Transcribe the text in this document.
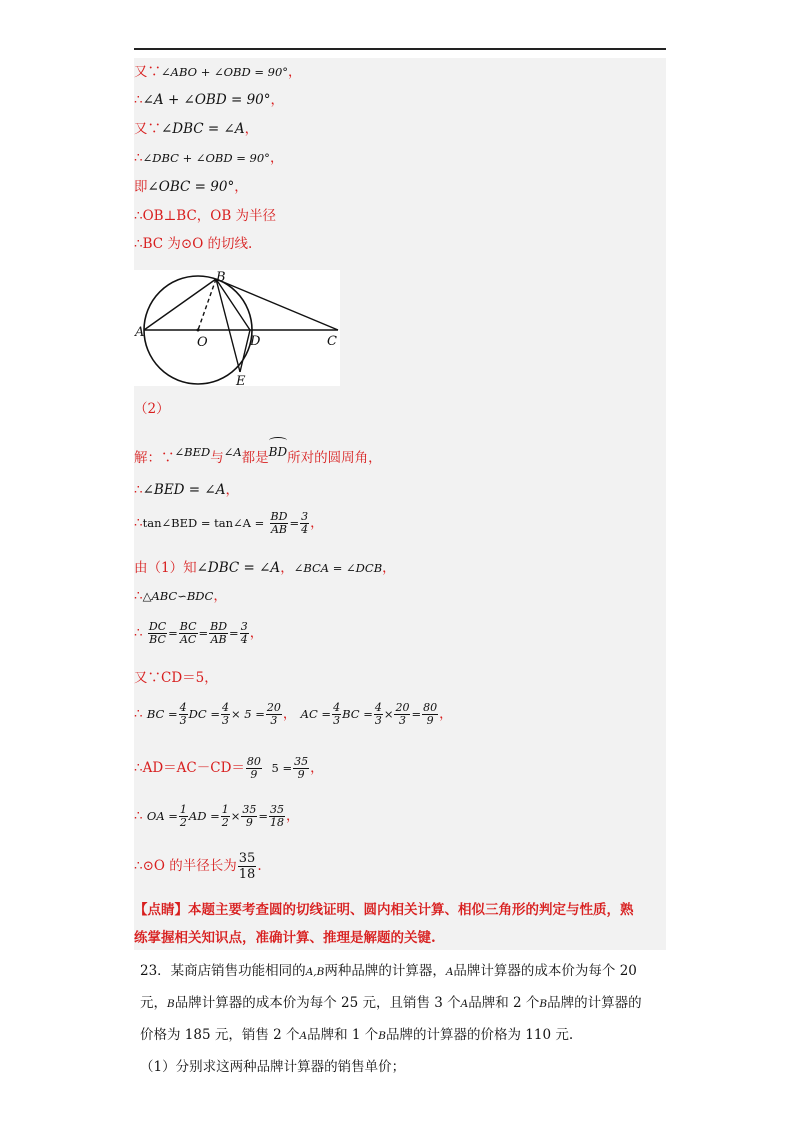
又∵∠ABO + ∠OBD = 90°，
∴∠A + ∠OBD = 90°，
又∵∠DBC = ∠A，
∴∠DBC + ∠OBD = 90°，
即∠OBC = 90°，
∴OB⊥BC，OB 为半径
∴BC 为⊙O 的切线.
B
A
O	D	C
E
（2）
解：∵∠BED与∠A都是BD所对的圆周角，
∴∠BED = ∠A，
∴tan∠BED = tan∠A = $\frac{BD}{AB} = \frac{3}{4}$ ，
由（1）知∠DBC = ∠A，∠BCA = ∠DCB，
∴△ABC∽BDC，
∴ $\frac{DC}{BC} = \frac{BC}{AC} = \frac{BD}{AB} = \frac{3}{4}$ ，
又∵CD＝5，
∴ BC = $\frac{4}{3}$ DC = $\frac{4}{3} \times 5 = \frac{20}{3}$ ， AC = $\frac{4}{3}$ BC = $\frac{4}{3} \times \frac{20}{3} = \frac{80}{9}$ ，
∴AD＝AC－CD＝ $\frac{80}{9} 5 = \frac{35}{9}$ ，
∴ OA = $\frac{1}{2}$ AD = $\frac{1}{2} \times \frac{35}{9} = \frac{35}{18}$ ，
∴⊙O 的半径长为 $\frac{35}{18}$ .
【点睛】本题主要考查圆的切线证明、圆内相关计算、相似三角形的判定与性质，熟
练掌握相关知识点，准确计算、推理是解题的关键.

23．某商店销售功能相同的A,B两种品牌的计算器，A品牌计算器的成本价为每个 20

元，B品牌计算器的成本价为每个 25 元，且销售 3 个A品牌和 2 个B品牌的计算器的

价格为 185 元，销售 2 个A品牌和 1 个B品牌的计算器的价格为 110 元.

（1）分别求这两种品牌计算器的销售单价；
